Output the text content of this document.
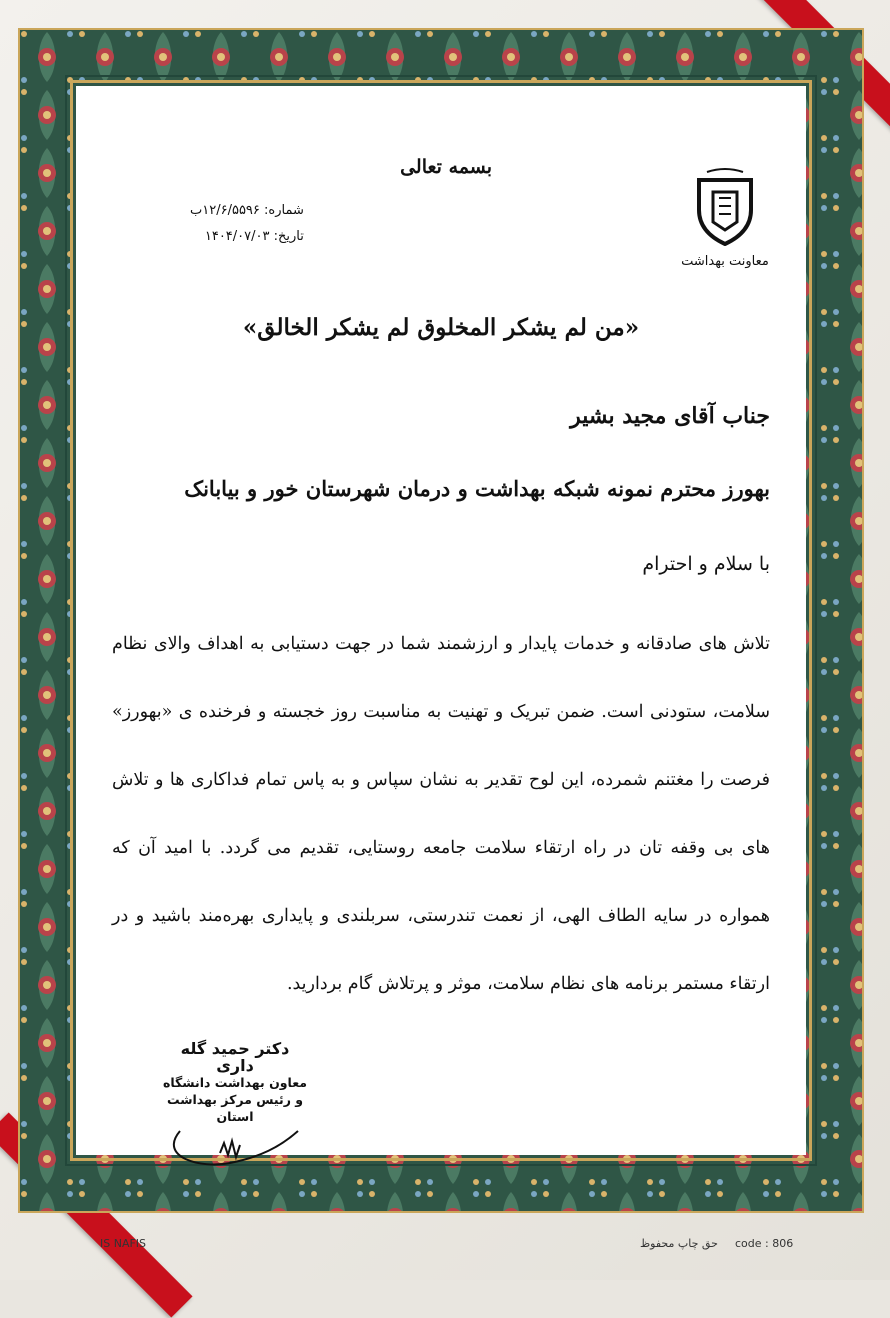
معاونت بهداشت
بسمه تعالی
شماره: ۱۲/۶/۵۵۹۶ب
تاریخ: ۱۴۰۴/۰۷/۰۳
«من لم یشکر المخلوق لم یشکر الخالق»
جناب آقای مجید بشیر
بهورز محترم نمونه شبکه بهداشت و درمان شهرستان خور و بیابانک
با سلام و احترام
تلاش های صادقانه و خدمات پایدار و ارزشمند شما در جهت دستیابی به اهداف والای نظام سلامت، ستودنی است. ضمن تبریک و تهنیت به مناسبت روز خجسته و فرخنده ی «بهورز» فرصت را مغتنم شمرده، این لوح تقدیر به نشان سپاس و به پاس تمام فداکاری ها و تلاش های بی وقفه تان در راه ارتقاء سلامت جامعه روستایی، تقدیم می گردد. با امید آن که همواره در سایه الطاف الهی، از نعمت تندرستی، سربلندی و پایداری بهره‌مند باشید و در ارتقاء مستمر برنامه های نظام سلامت، موثر و پرتلاش گام بردارید.
دکتر حمید گله داری
معاون بهداشت دانشگاه
و رئیس مرکز بهداشت استان
IS NAFIS	حق چاپ محفوظ code : 806
